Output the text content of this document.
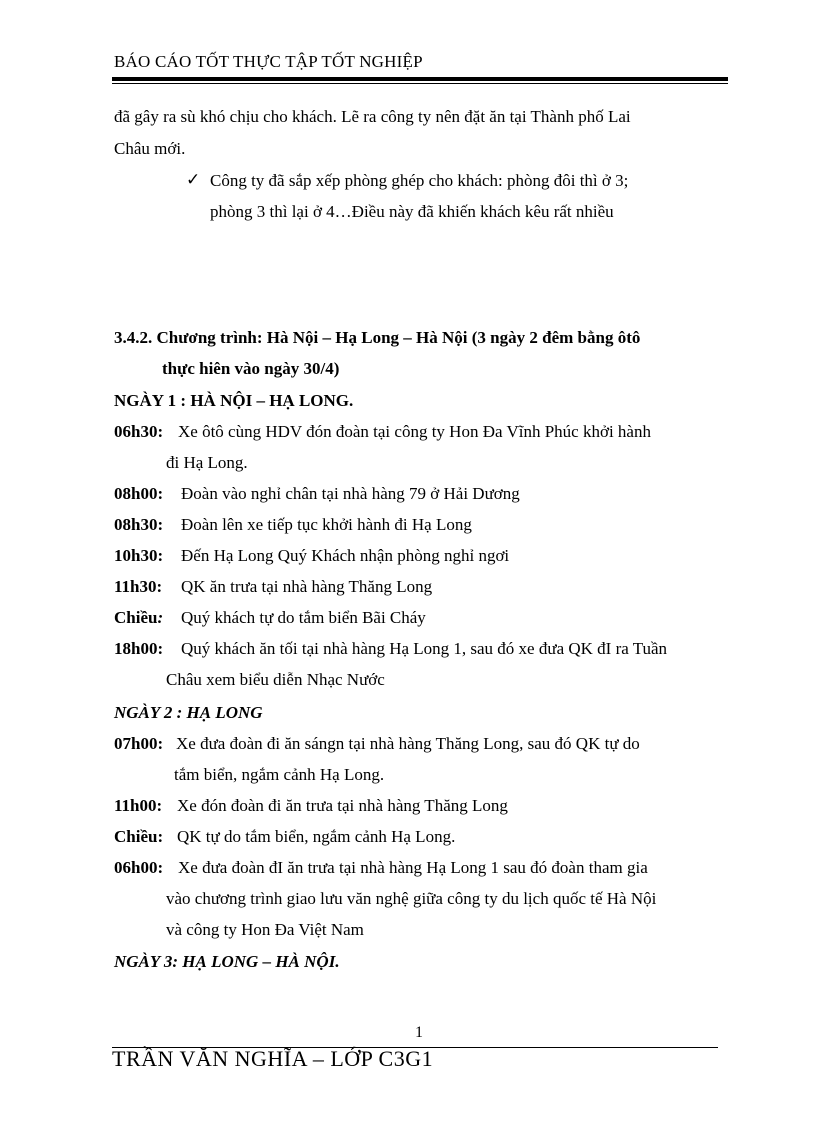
BÁO CÁO TỐT THỰC TẬP TỐT NGHIỆP
đã gây ra sù khó chịu cho khách. Lẽ ra công ty nên đặt ăn tại Thành phố Lai
Châu mới.
✓ Công ty đã sắp xếp phòng ghép cho khách: phòng đôi thì ở 3;
phòng 3 thì lại ở 4…Điều này đã khiến khách kêu rất nhiều
3.4.2. Chương trình: Hà Nội – Hạ Long – Hà Nội (3 ngày 2 đêm bằng ôtô
thực hiên vào ngày 30/4)
NGÀY 1 : HÀ NỘI – HẠ LONG.
06h30: Xe ôtô cùng HDV đón đoàn tại công ty Hon Đa Vĩnh Phúc khởi hành
đi Hạ Long.
08h00: Đoàn vào nghỉ chân tại nhà hàng 79 ở Hải Dương
08h30: Đoàn lên xe tiếp tục khởi hành đi Hạ Long
10h30: Đến Hạ Long Quý Khách nhận phòng nghỉ ngơi
11h30: QK ăn trưa tại nhà hàng Thăng Long
Chiều: Quý khách tự do tắm biển Bãi Cháy
18h00: Quý khách ăn tối tại nhà hàng Hạ Long 1, sau đó xe đưa QK đI ra Tuần
Châu xem biểu diễn Nhạc Nước
NGÀY 2 : HẠ LONG
07h00: Xe đưa đoàn đi ăn sángn tại nhà hàng Thăng Long, sau đó QK tự do
tắm biển, ngắm cảnh Hạ Long.
11h00: Xe đón đoàn đi ăn trưa tại nhà hàng Thăng Long
Chiều: QK tự do tắm biển, ngắm cảnh Hạ Long.
06h00: Xe đưa đoàn đI ăn trưa tại nhà hàng Hạ Long 1 sau đó đoàn tham gia
vào chương trình giao lưu văn nghệ giữa công ty du lịch quốc tế Hà Nội
và công ty Hon Đa Việt Nam
NGÀY 3: HẠ LONG – HÀ NỘI.
1
TRẦN VĂN NGHĨA – LỚP C3G1
